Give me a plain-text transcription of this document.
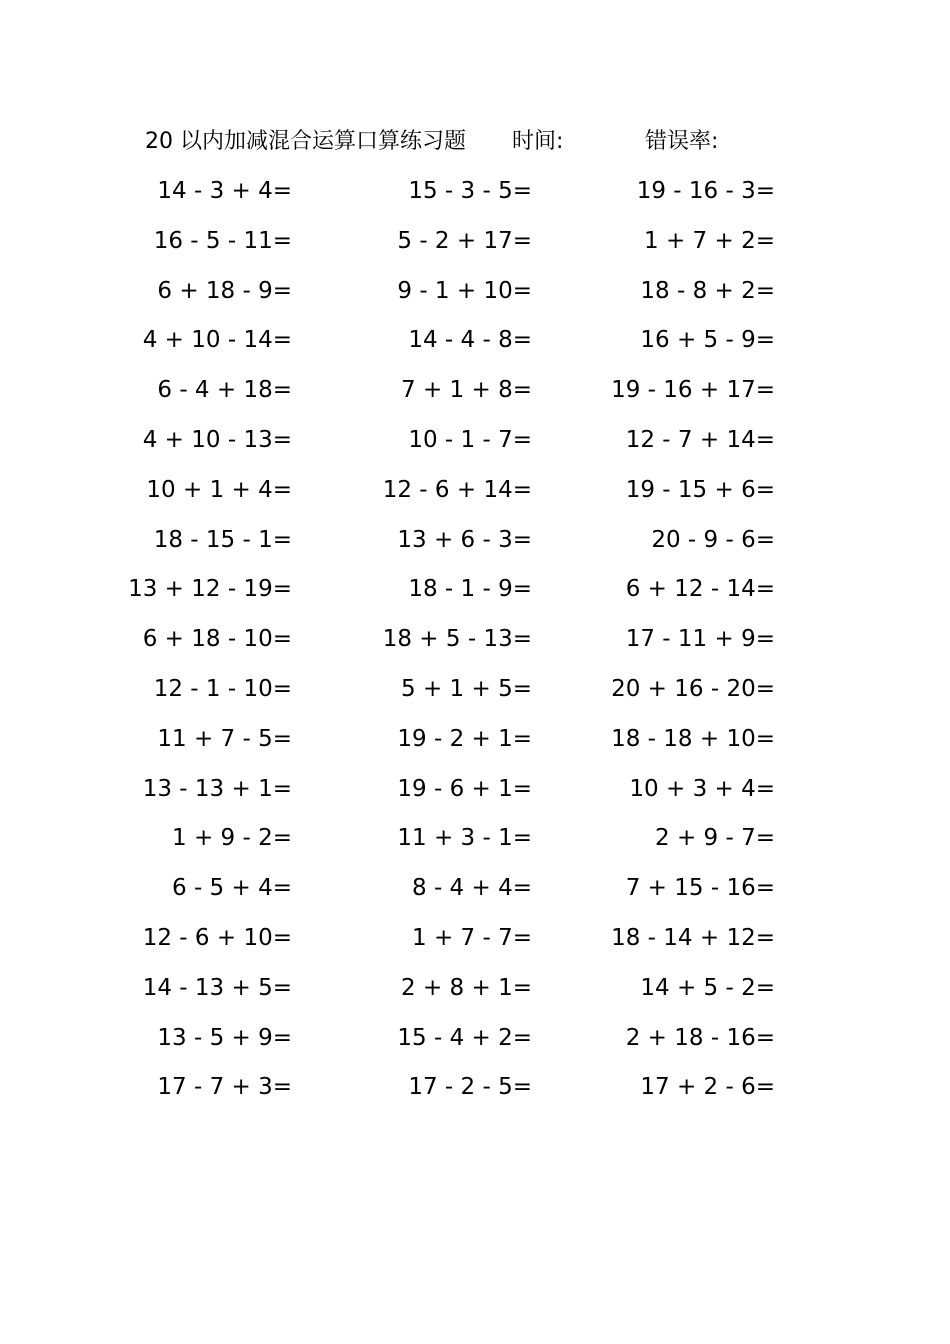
20 以内加减混合运算口算练习题 时间:	错误率:
14 - 3 + 4=	15 - 3 - 5=	19 - 16 - 3=
16 - 5 - 11=	5 - 2 + 17=	1 + 7 + 2=
6 + 18 - 9=	9 - 1 + 10=	18 - 8 + 2=
4 + 10 - 14=	14 - 4 - 8=	16 + 5 - 9=
6 - 4 + 18=	7 + 1 + 8=	19 - 16 + 17=
4 + 10 - 13=	10 - 1 - 7=	12 - 7 + 14=
10 + 1 + 4=	12 - 6 + 14=	19 - 15 + 6=
18 - 15 - 1=	13 + 6 - 3=	20 - 9 - 6=
13 + 12 - 19=	18 - 1 - 9=	6 + 12 - 14=
6 + 18 - 10=	18 + 5 - 13=	17 - 11 + 9=
12 - 1 - 10=	5 + 1 + 5=	20 + 16 - 20=
11 + 7 - 5=	19 - 2 + 1=	18 - 18 + 10=
13 - 13 + 1=	19 - 6 + 1=	10 + 3 + 4=
1 + 9 - 2=	11 + 3 - 1=	2 + 9 - 7=
6 - 5 + 4=	8 - 4 + 4=	7 + 15 - 16=
12 - 6 + 10=	1 + 7 - 7=	18 - 14 + 12=
14 - 13 + 5=	2 + 8 + 1=	14 + 5 - 2=
13 - 5 + 9=	15 - 4 + 2=	2 + 18 - 16=
17 - 7 + 3=	17 - 2 - 5=	17 + 2 - 6=
